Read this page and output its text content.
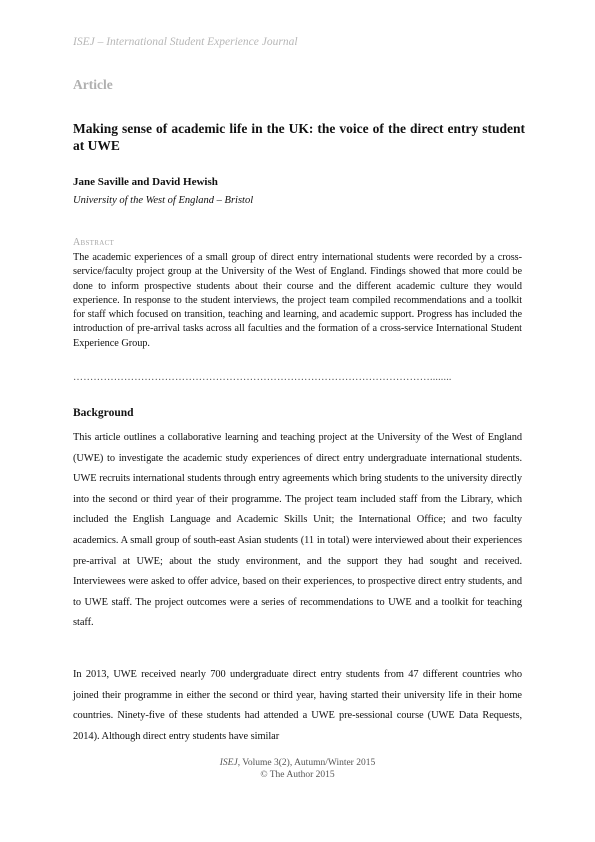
ISEJ – International Student Experience Journal
Article
Making sense of academic life in the UK: the voice of the direct entry student at UWE
Jane Saville and David Hewish
University of the West of England – Bristol
Abstract

The academic experiences of a small group of direct entry international students were recorded by a cross-service/faculty project group at the University of the West of England. Findings showed that more could be done to inform prospective students about their course and the different academic culture they would experience. In response to the student interviews, the project team compiled recommendations and a toolkit for staff which focused on transition, teaching and learning, and academic support. Progress has included the introduction of pre-arrival tasks across all faculties and the formation of a cross-service International Student Experience Group.

……………………………………………………………………………………………........
Background

This article outlines a collaborative learning and teaching project at the University of the West of England (UWE) to investigate the academic study experiences of direct entry undergraduate international students. UWE recruits international students through entry agreements which bring students to the university directly into the second or third year of their programme. The project team included staff from the Library, which included the English Language and Academic Skills Unit; the International Office; and two faculty academics. A small group of south-east Asian students (11 in total) were interviewed about their experiences pre-arrival at UWE; about the study environment, and the support they had sought and received. Interviewees were asked to offer advice, based on their experiences, to prospective direct entry students, and to UWE staff. The project outcomes were a series of recommendations to UWE and a toolkit for teaching staff.

In 2013, UWE received nearly 700 undergraduate direct entry students from 47 different countries who joined their programme in either the second or third year, having started their university life in their home countries. Ninety-five of these students had attended a UWE pre-sessional course (UWE Data Requests, 2014). Although direct entry students have similar

ISEJ, Volume 3(2), Autumn/Winter 2015
© The Author 2015
